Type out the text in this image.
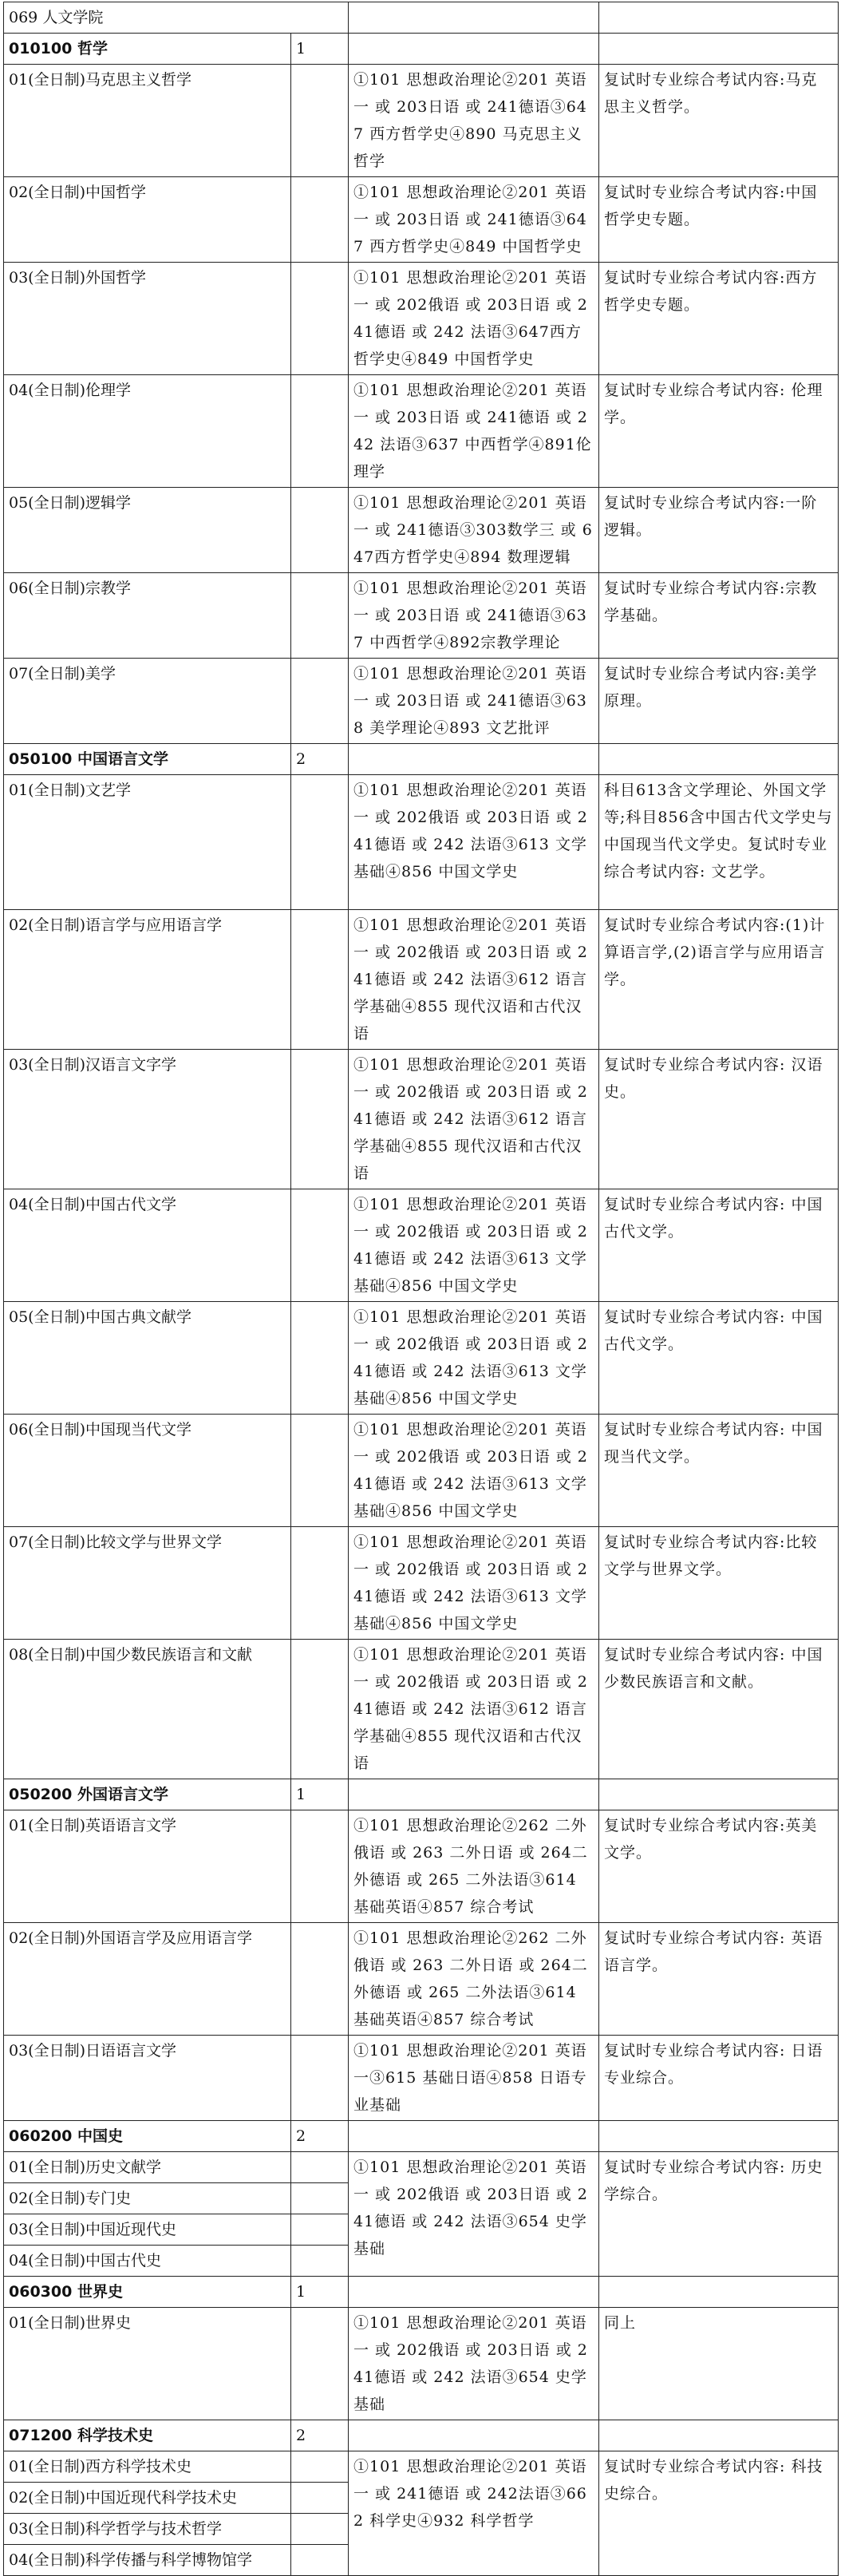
069 人文学院			
010100 哲学	1		
01(全日制)马克思主义哲学		①101 思想政治理论②201 英语一 或 203日语 或 241德语③647 西方哲学史④890 马克思主义哲学	复试时专业综合考试内容:马克思主义哲学。
02(全日制)中国哲学		①101 思想政治理论②201 英语一 或 203日语 或 241德语③647 西方哲学史④849 中国哲学史	复试时专业综合考试内容:中国哲学史专题。
03(全日制)外国哲学		①101 思想政治理论②201 英语一 或 202俄语 或 203日语 或 241德语 或 242 法语③647西方哲学史④849 中国哲学史	复试时专业综合考试内容:西方哲学史专题。
04(全日制)伦理学		①101 思想政治理论②201 英语一 或 203日语 或 241德语 或 242 法语③637 中西哲学④891伦理学	复试时专业综合考试内容: 伦理学。
05(全日制)逻辑学		①101 思想政治理论②201 英语一 或 241德语③303数学三 或 647西方哲学史④894 数理逻辑	复试时专业综合考试内容:一阶逻辑。
06(全日制)宗教学		①101 思想政治理论②201 英语一 或 203日语 或 241德语③637 中西哲学④892宗教学理论	复试时专业综合考试内容:宗教学基础。
07(全日制)美学		①101 思想政治理论②201 英语一 或 203日语 或 241德语③638 美学理论④893 文艺批评	复试时专业综合考试内容:美学原理。
050100 中国语言文学	2		
01(全日制)文艺学		①101 思想政治理论②201 英语一 或 202俄语 或 203日语 或 241德语 或 242 法语③613 文学基础④856 中国文学史	科目613含文学理论、外国文学等;科目856含中国古代文学史与中国现当代文学史。复试时专业综合考试内容: 文艺学。
02(全日制)语言学与应用语言学		①101 思想政治理论②201 英语一 或 202俄语 或 203日语 或 241德语 或 242 法语③612 语言学基础④855 现代汉语和古代汉语	复试时专业综合考试内容:(1)计算语言学,(2)语言学与应用语言学。
03(全日制)汉语言文字学		①101 思想政治理论②201 英语一 或 202俄语 或 203日语 或 241德语 或 242 法语③612 语言学基础④855 现代汉语和古代汉语	复试时专业综合考试内容: 汉语史。
04(全日制)中国古代文学		①101 思想政治理论②201 英语一 或 202俄语 或 203日语 或 241德语 或 242 法语③613 文学基础④856 中国文学史	复试时专业综合考试内容: 中国古代文学。
05(全日制)中国古典文献学		①101 思想政治理论②201 英语一 或 202俄语 或 203日语 或 241德语 或 242 法语③613 文学基础④856 中国文学史	复试时专业综合考试内容: 中国古代文学。
06(全日制)中国现当代文学		①101 思想政治理论②201 英语一 或 202俄语 或 203日语 或 241德语 或 242 法语③613 文学基础④856 中国文学史	复试时专业综合考试内容: 中国现当代文学。
07(全日制)比较文学与世界文学		①101 思想政治理论②201 英语一 或 202俄语 或 203日语 或 241德语 或 242 法语③613 文学基础④856 中国文学史	复试时专业综合考试内容:比较文学与世界文学。
08(全日制)中国少数民族语言和文献		①101 思想政治理论②201 英语一 或 202俄语 或 203日语 或 241德语 或 242 法语③612 语言学基础④855 现代汉语和古代汉语	复试时专业综合考试内容: 中国少数民族语言和文献。
050200 外国语言文学	1		
01(全日制)英语语言文学		①101 思想政治理论②262 二外俄语 或 263 二外日语 或 264二外德语 或 265 二外法语③614 基础英语④857 综合考试	复试时专业综合考试内容:英美文学。
02(全日制)外国语言学及应用语言学		①101 思想政治理论②262 二外俄语 或 263 二外日语 或 264二外德语 或 265 二外法语③614 基础英语④857 综合考试	复试时专业综合考试内容: 英语语言学。
03(全日制)日语语言文学		①101 思想政治理论②201 英语一③615 基础日语④858 日语专业基础	复试时专业综合考试内容: 日语专业综合。
060200 中国史	2		
01(全日制)历史文献学		①101 思想政治理论②201 英语一 或 202俄语 或 203日语 或 241德语 或 242 法语③654 史学基础	复试时专业综合考试内容: 历史学综合。
02(全日制)专门史			
03(全日制)中国近现代史			
04(全日制)中国古代史			
060300 世界史	1		
01(全日制)世界史		①101 思想政治理论②201 英语一 或 202俄语 或 203日语 或 241德语 或 242 法语③654 史学基础	同上
071200 科学技术史	2		
01(全日制)西方科学技术史		①101 思想政治理论②201 英语一 或 241德语 或 242法语③662 科学史④932 科学哲学	复试时专业综合考试内容: 科技史综合。
02(全日制)中国近现代科学技术史			
03(全日制)科学哲学与技术哲学			
04(全日制)科学传播与科学博物馆学			
